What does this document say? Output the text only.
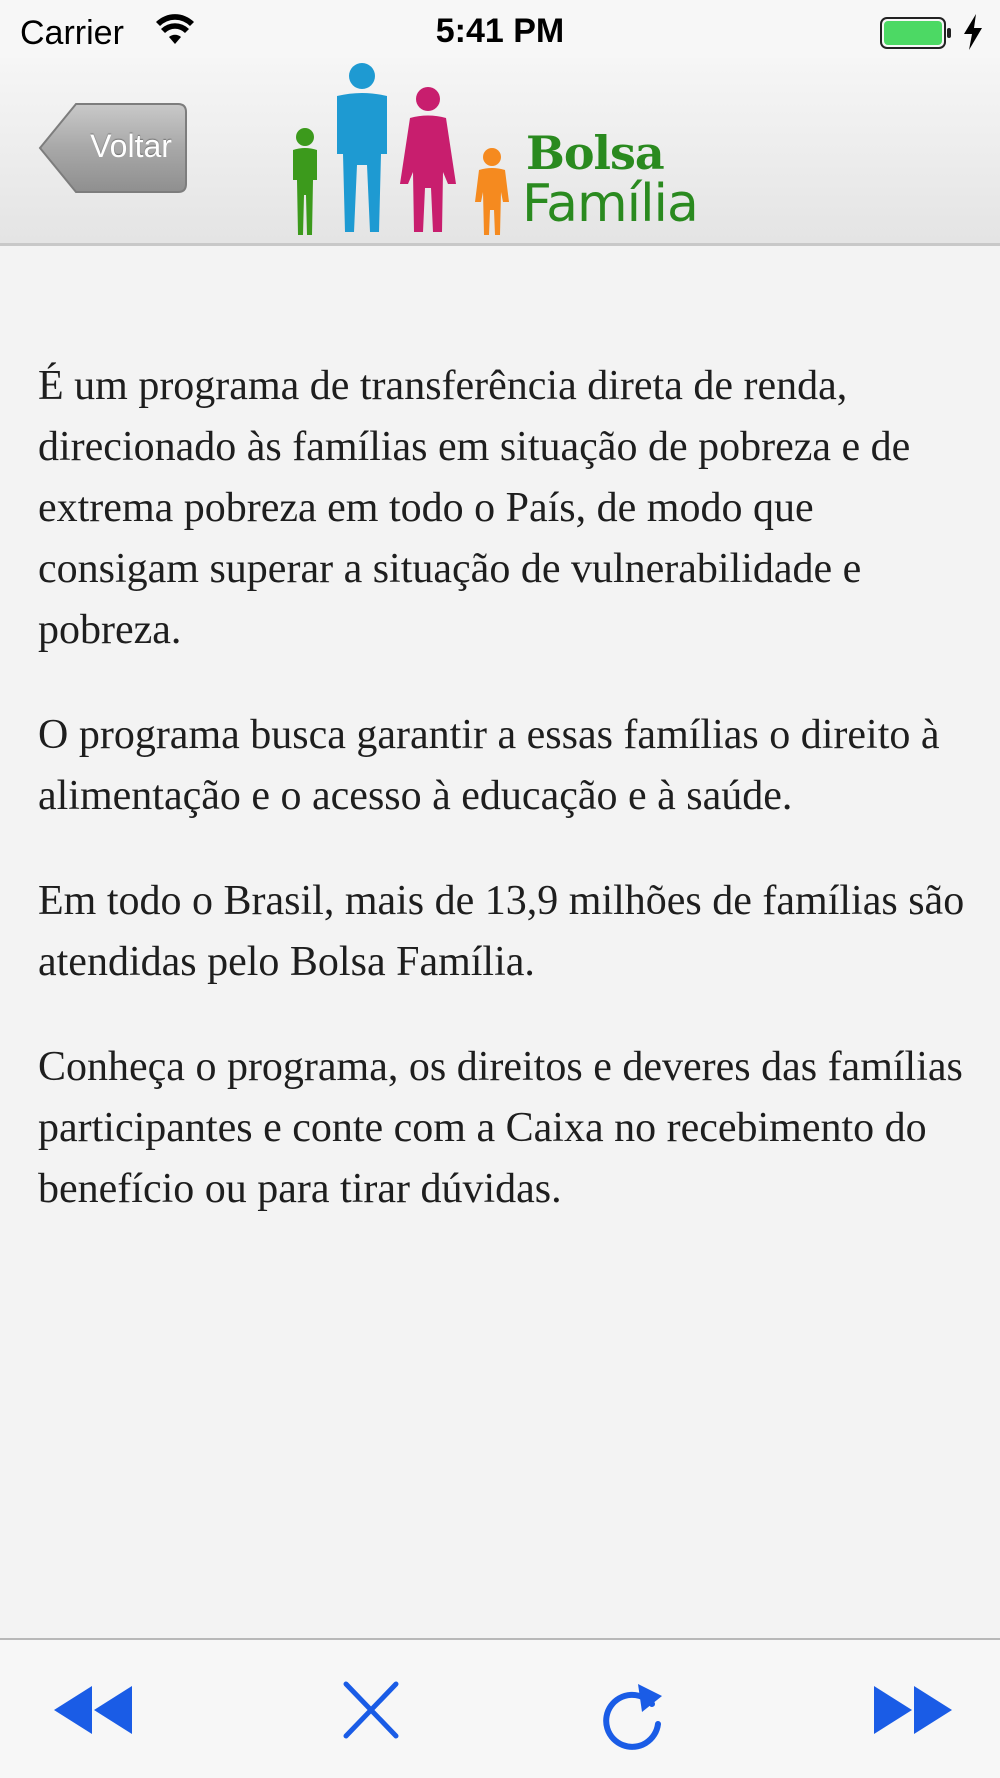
Carrier	5:41 PM
Voltar	Bolsa
Família

É um programa de transferência direta de renda, direcionado às famílias em situação de pobreza e de extrema pobreza em todo o País, de modo que consigam superar a situação de vulnerabilidade e pobreza.

O programa busca garantir a essas famílias o direito à alimentação e o acesso à educação e à saúde.

Em todo o Brasil, mais de 13,9 milhões de famílias são atendidas pelo Bolsa Família.

Conheça o programa, os direitos e deveres das famílias participantes e conte com a Caixa no recebimento do benefício ou para tirar dúvidas.
